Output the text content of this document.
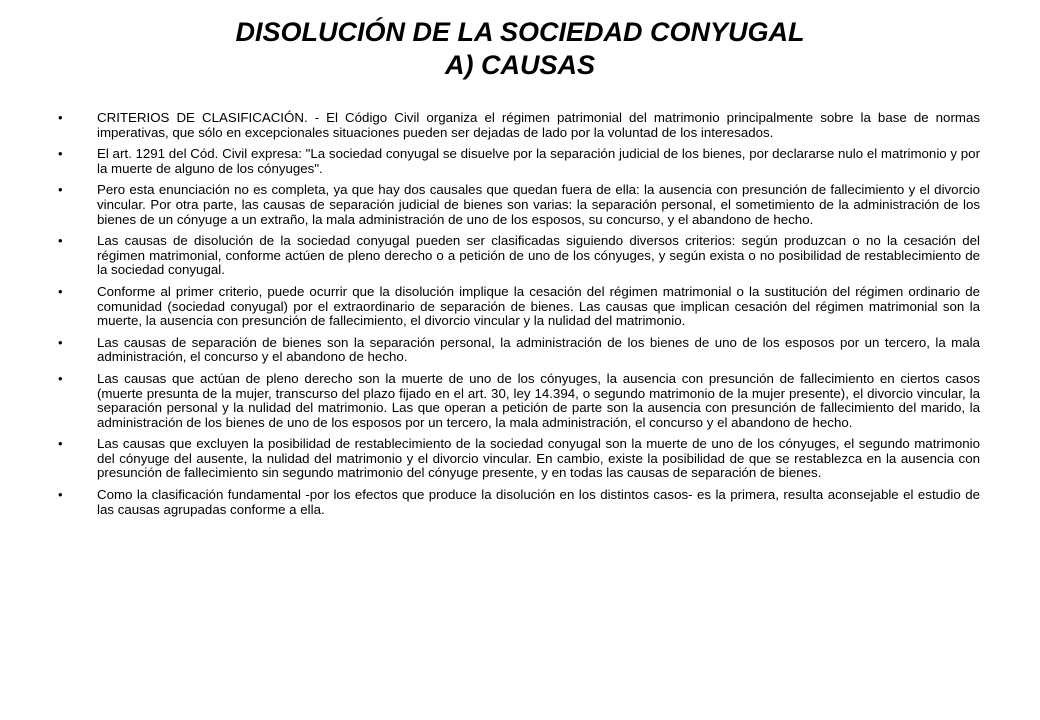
DISOLUCIÓN DE LA SOCIEDAD CONYUGAL
A) CAUSAS
•	CRITERIOS DE CLASIFICACIÓN. - El Código Civil organiza el régimen patrimonial del matrimonio principalmente sobre la base de normas imperativas, que sólo en excepcionales situaciones pueden ser dejadas de lado por la voluntad de los interesados.
•	El art. 1291 del Cód. Civil expresa: "La sociedad conyugal se disuelve por la separación judicial de los bienes, por declararse nulo el matrimonio y por la muerte de alguno de los cónyuges".
•	Pero esta enunciación no es completa, ya que hay dos causales que quedan fuera de ella: la ausencia con presunción de fallecimiento y el divorcio vincular. Por otra parte, las causas de separación judicial de bienes son varias: la separación personal, el sometimiento de la administración de los bienes de un cónyuge a un extraño, la mala administración de uno de los esposos, su concurso, y el abandono de hecho.
•	Las causas de disolución de la sociedad conyugal pueden ser clasificadas siguiendo diversos criterios: según produzcan o no la cesación del régimen matrimonial, conforme actúen de pleno derecho o a petición de uno de los cónyuges, y según exista o no posibilidad de restablecimiento de la sociedad conyugal.
•	Conforme al primer criterio, puede ocurrir que la disolución implique la cesación del régimen matrimonial o la sustitución del régimen ordinario de comunidad (sociedad conyugal) por el extraordinario de separación de bienes. Las causas que implican cesación del régimen matrimonial son la muerte, la ausencia con presunción de fallecimiento, el divorcio vincular y la nulidad del matrimonio.
•	Las causas de separación de bienes son la separación personal, la administración de los bienes de uno de los esposos por un tercero, la mala administración, el concurso y el abandono de hecho.
•	Las causas que actúan de pleno derecho son la muerte de uno de los cónyuges, la ausencia con presunción de fallecimiento en ciertos casos (muerte presunta de la mujer, transcurso del plazo fijado en el art. 30, ley 14.394, o segundo matrimonio de la mujer presente), el divorcio vincular, la separación personal y la nulidad del matrimonio. Las que operan a petición de parte son la ausencia con presunción de fallecimiento del marido, la administración de los bienes de uno de los esposos por un tercero, la mala administración, el concurso y el abandono de hecho.
•	Las causas que excluyen la posibilidad de restablecimiento de la sociedad conyugal son la muerte de uno de los cónyuges, el segundo matrimonio del cónyuge del ausente, la nulidad del matrimonio y el divorcio vincular. En cambio, existe la posibilidad de que se restablezca en la ausencia con presunción de fallecimiento sin segundo matrimonio del cónyuge presente, y en todas las causas de separación de bienes.
•	Como la clasificación fundamental -por los efectos que produce la disolución en los distintos casos- es la primera, resulta aconsejable el estudio de las causas agrupadas conforme a ella.
